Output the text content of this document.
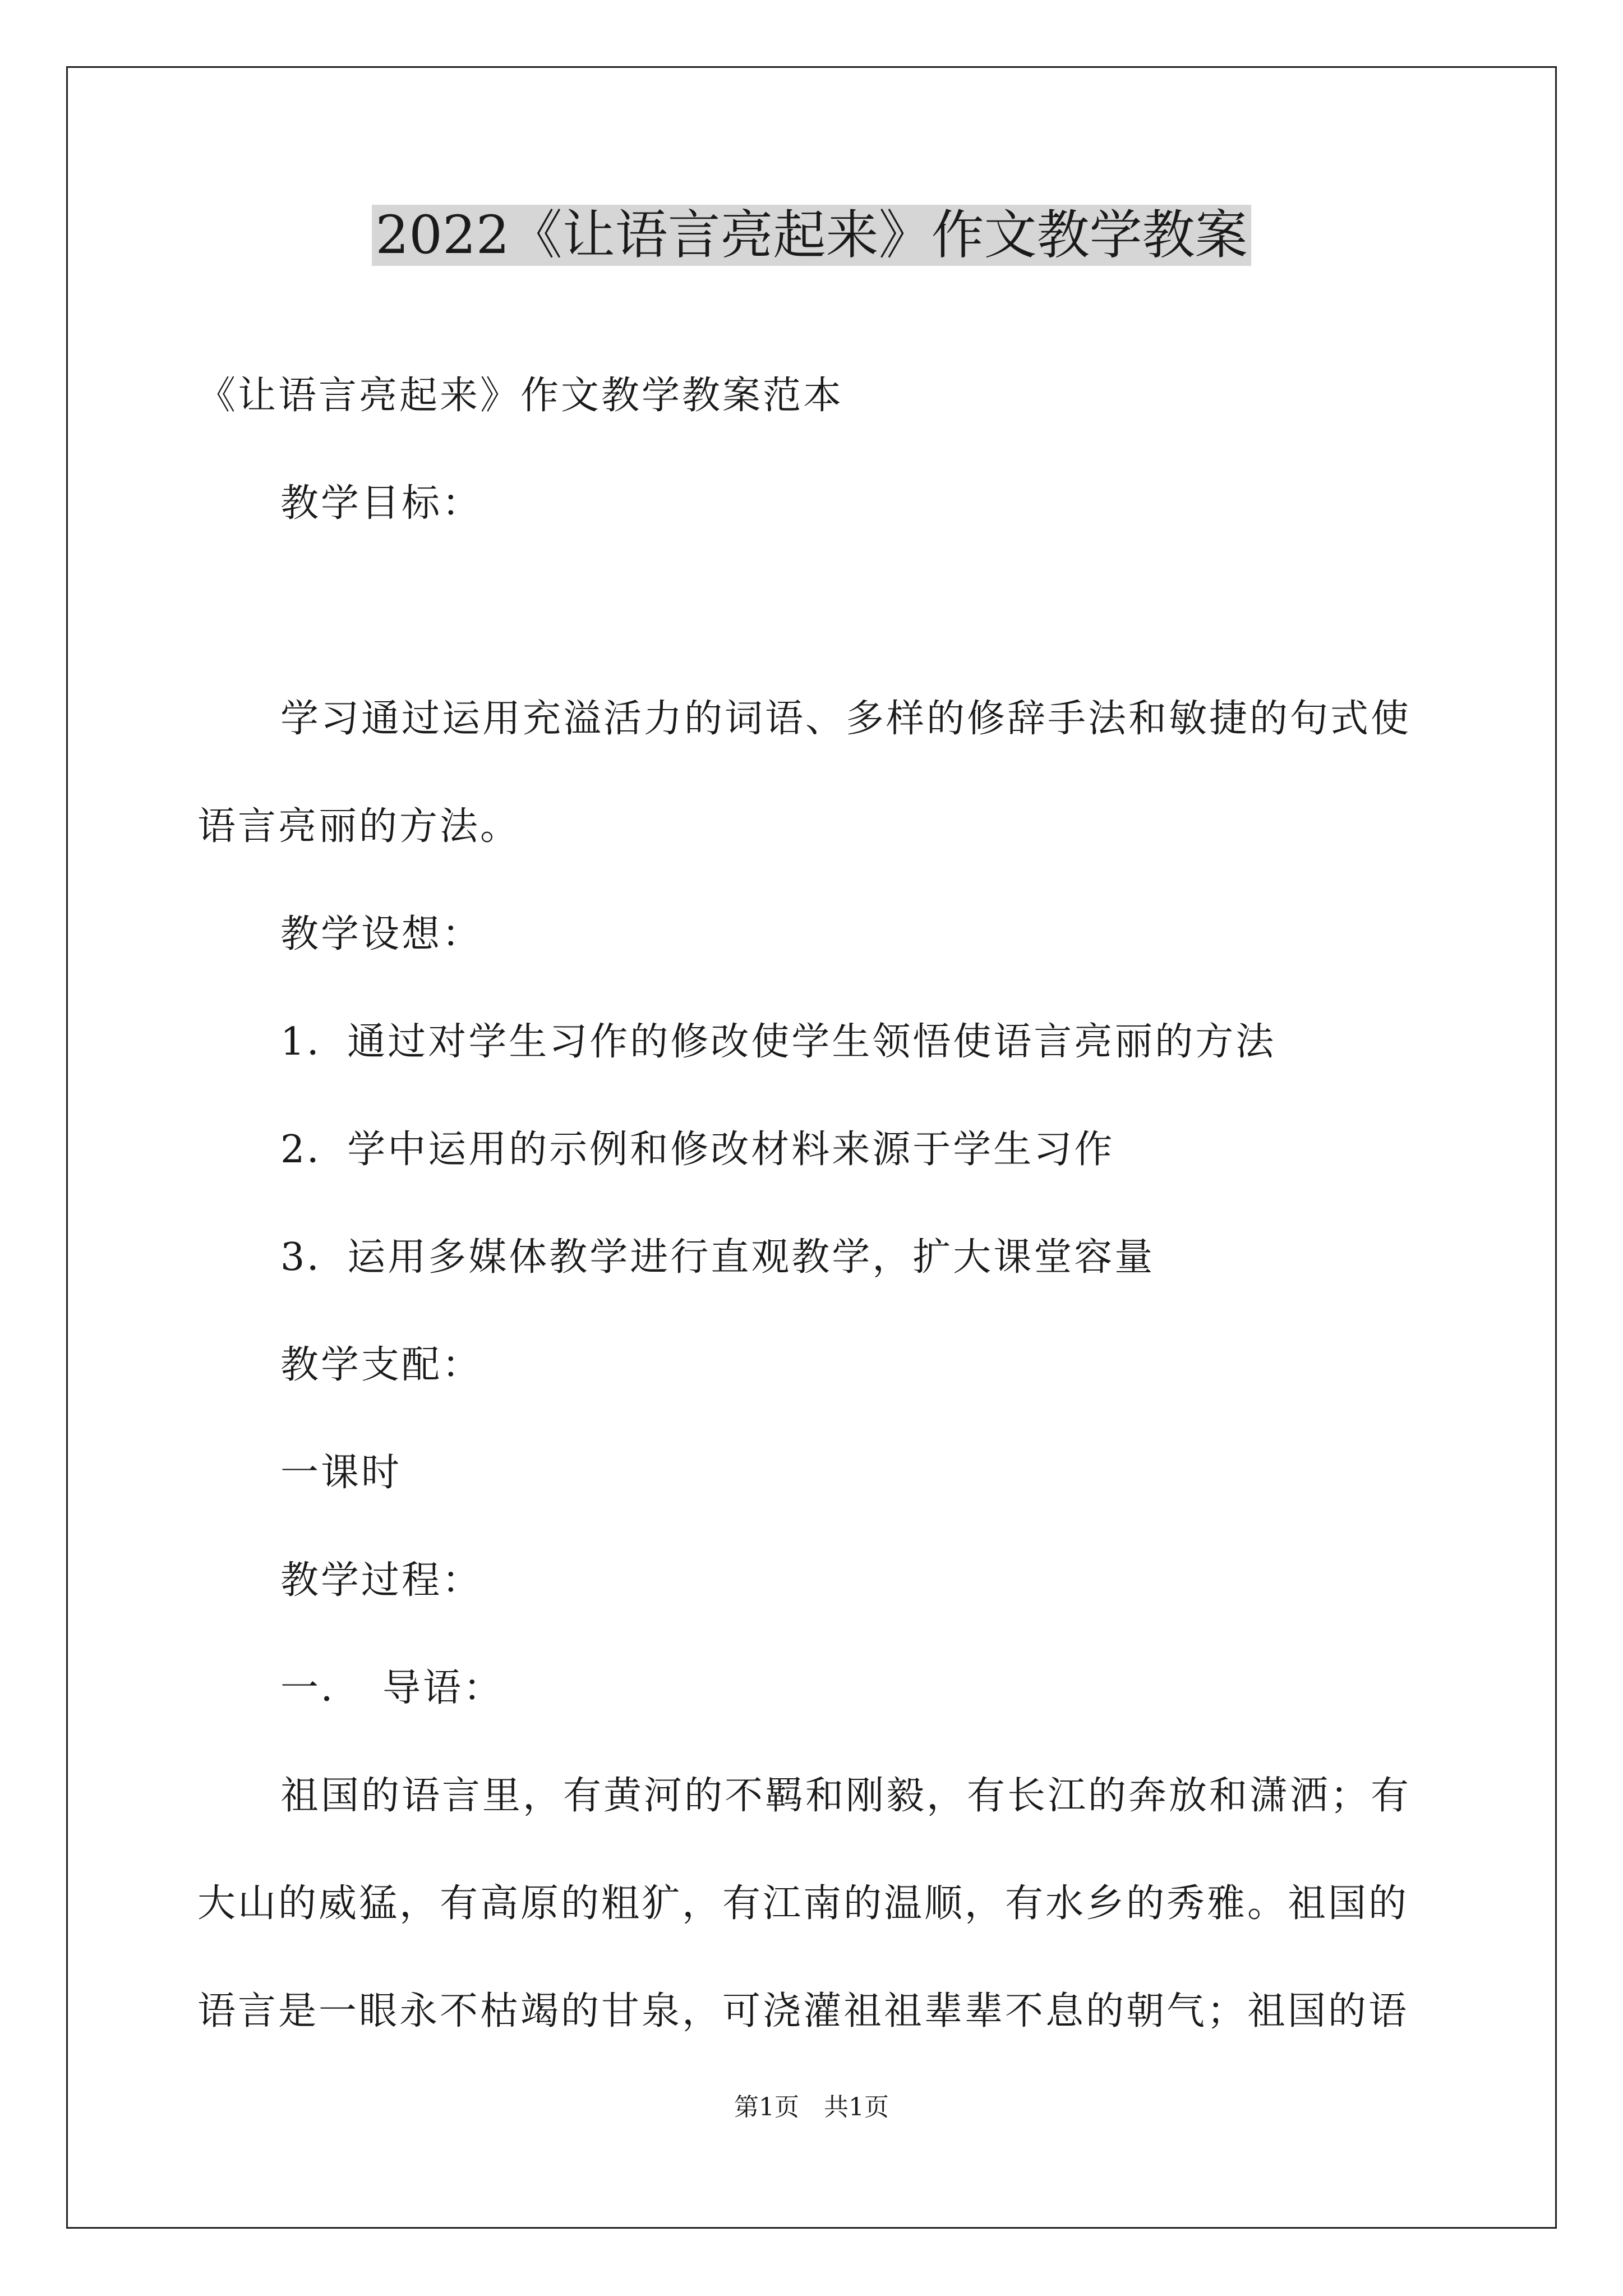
2022《让语言亮起来》作文教学教案

《让语言亮起来》作文教学教案范本

教学目标：

学习通过运用充溢活力的词语、多样的修辞手法和敏捷的句式使语言亮丽的方法。

教学设想：

1．通过对学生习作的修改使学生领悟使语言亮丽的方法

2．学中运用的示例和修改材料来源于学生习作

3．运用多媒体教学进行直观教学，扩大课堂容量

教学支配：

一课时

教学过程：

一．　导语：

祖国的语言里，有黄河的不羁和刚毅，有长江的奔放和潇洒；有大山的威猛，有高原的粗犷，有江南的温顺，有水乡的秀雅。祖国的语言是一眼永不枯竭的甘泉，可浇灌祖祖辈辈不息的朝气；祖国的语

第1页　共1页
